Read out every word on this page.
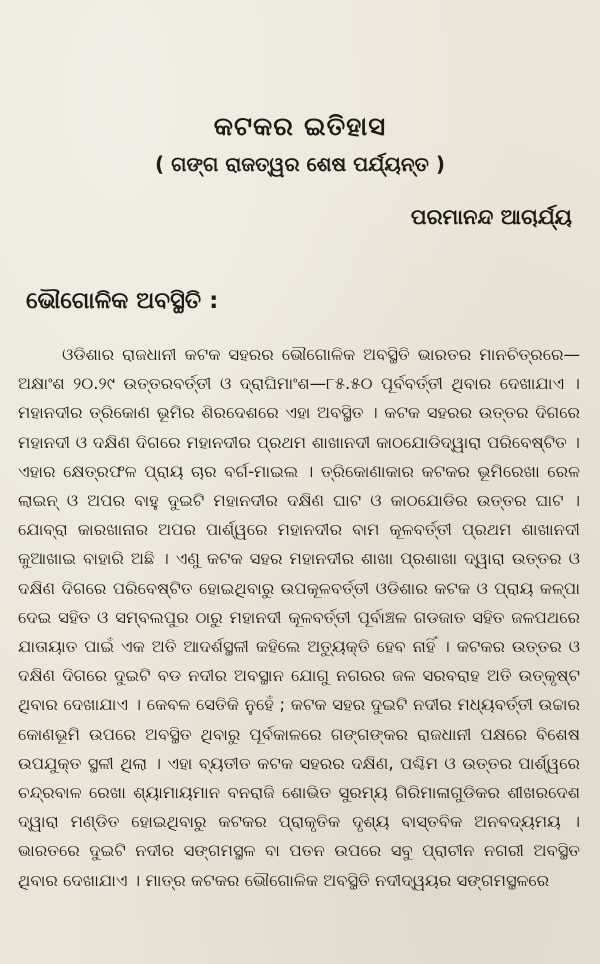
କଟକର ଇତିହାସ
( ଗଙ୍ଗ ରାଜତ୍ୱର ଶେଷ ପର୍ଯ୍ୟନ୍ତ )
ପରମାନନ୍ଦ ଆଚାର୍ଯ୍ୟ
ଭୌଗୋଳିକ ଅବସ୍ଥିତି :
ଓଡିଶାର ରାଜଧାନୀ କଟକ ସହରର ଭୌଗୋଳିକ ଅବସ୍ଥିତି ଭାରତର ମାନଚିତ୍ରରେ— ଅକ୍ଷାଂଶ ୨୦.୨୯ ଉତ୍ତରବର୍ତ୍ତୀ ଓ ଦ୍ରାଘିମାଂଶ—୮୫.୫୦ ପୂର୍ବବର୍ତ୍ତୀ ଥିବାର ଦେଖାଯାଏ । ମହାନଦୀର ତ୍ରିକୋଣ ଭୂମିର ଶିରଦେଶରେ ଏହା ଅବସ୍ଥିତ । କଟକ ସହରର ଉତ୍ତର ଦିଗରେ ମହାନଦୀ ଓ ଦକ୍ଷିଣ ଦିଗରେ ମହାନଦୀର ପ୍ରଥମ ଶାଖାନଦୀ କାଠଯୋଡିଦ୍ୱାରା ପରିବେଷ୍ଟିତ । ଏହାର କ୍ଷେତ୍ରଫଳ ପ୍ରାୟ ଚାର ବର୍ଗ-ମାଇଲ । ତ୍ରିକୋଣାକାର କଟକର ଭୂମିରେଖା ରେଳ ଲାଇନ୍ ଓ ଅପର ବାହୁ ଦୁଇଟି ମହାନଦୀର ଦକ୍ଷିଣ ଘାଟ ଓ କାଠଯୋଡିର ଉତ୍ତର ଘାଟ । ଯୋବ୍ରା କାରଖାନାର ଅପର ପାର୍ଶ୍ୱରେ ମହାନଦୀର ବାମ କୂଳବର୍ତ୍ତୀ ପ୍ରଥମ ଶାଖାନଦୀ କୁଆଖାଇ ବାହାରି ଅଛି । ଏଣୁ କଟକ ସହର ମହାନଦୀର ଶାଖା ପ୍ରଶାଖା ଦ୍ୱାରା ଉତ୍ତର ଓ ଦକ୍ଷିଣ ଦିଗରେ ପରିବେଷ୍ଟିତ ହୋଇଥିବାରୁ ଉପକୂଳବର୍ତ୍ତୀ ଓଡିଶାର କଟକ ଓ ପ୍ରାୟ କଳ୍ପା ଦେଇ ସହିତ ଓ ସମ୍ବଲପୁର ଠାରୁ ମହାନଦୀ କୂଳବର୍ତ୍ତୀ ପୂର୍ବାଞ୍ଚଳ ଗଡଜାତ ସହିତ ଜଳପଥରେ ଯାତାୟାତ ପାଇଁ ଏକ ଅତି ଆଦର୍ଶସ୍ଥଳୀ କହିଲେ ଅତ୍ୟୁକ୍ତି ହେବ ନାହିଁ । କଟକର ଉତ୍ତର ଓ ଦକ୍ଷିଣ ଦିଗରେ ଦୁଇଟି ବଡ ନଦୀର ଅବସ୍ଥାନ ଯୋଗୁ ନଗରର ଜଳ ସରବରାହ ଅତି ଉତ୍କୃଷ୍ଟ ଥିବାର ଦେଖାଯାଏ । କେବଳ ସେତିକି ନୁହେଁ ; କଟକ ସହର ଦୁଇଟି ନଦୀର ମଧ୍ୟବର୍ତ୍ତୀ ଉଚ୍ଚାର କୋଣଭୂମି ଉପରେ ଅବସ୍ଥିତ ଥିବାରୁ ପୂର୍ବକାଳରେ ଗଙ୍ଗଙ୍କର ରାଜଧାନୀ ପକ୍ଷରେ ବିଶେଷ ଉପଯୁକ୍ତ ସ୍ଥଳୀ ଥିଲା । ଏହା ବ୍ୟତୀତ କଟକ ସହରର ଦକ୍ଷିଣ, ପଶ୍ଚିମ ଓ ଉତ୍ତର ପାର୍ଶ୍ୱରେ ଚନ୍ଦ୍ରବାଳ ରେଖା ଶ୍ୟାମାୟମାନ ବନରାଜି ଶୋଭିତ ସୁରମ୍ୟ ଗିରିମାଳାଗୁଡିକର ଶୀଖରଦେଶ ଦ୍ୱାରା ମଣ୍ଡିତ ହୋଇଥିବାରୁ କଟକର ପ୍ରାକୃତିକ ଦୃଶ୍ୟ ବାସ୍ତବିକ ଅନବଦ୍ୟମୟ । ଭାରତରେ ଦୁଇଟି ନଦୀର ସଙ୍ଗମସ୍ଥଳ ବା ପତନ ଉପରେ ସବୁ ପ୍ରାଚୀନ ନଗରୀ ଅବସ୍ଥିତ ଥିବାର ଦେଖାଯାଏ । ମାତ୍ର କଟକର ଭୌଗୋଳିକ ଅବସ୍ଥିତି ନଦୀଦ୍ୱୟର ସଙ୍ଗମସ୍ଥଳରେ
